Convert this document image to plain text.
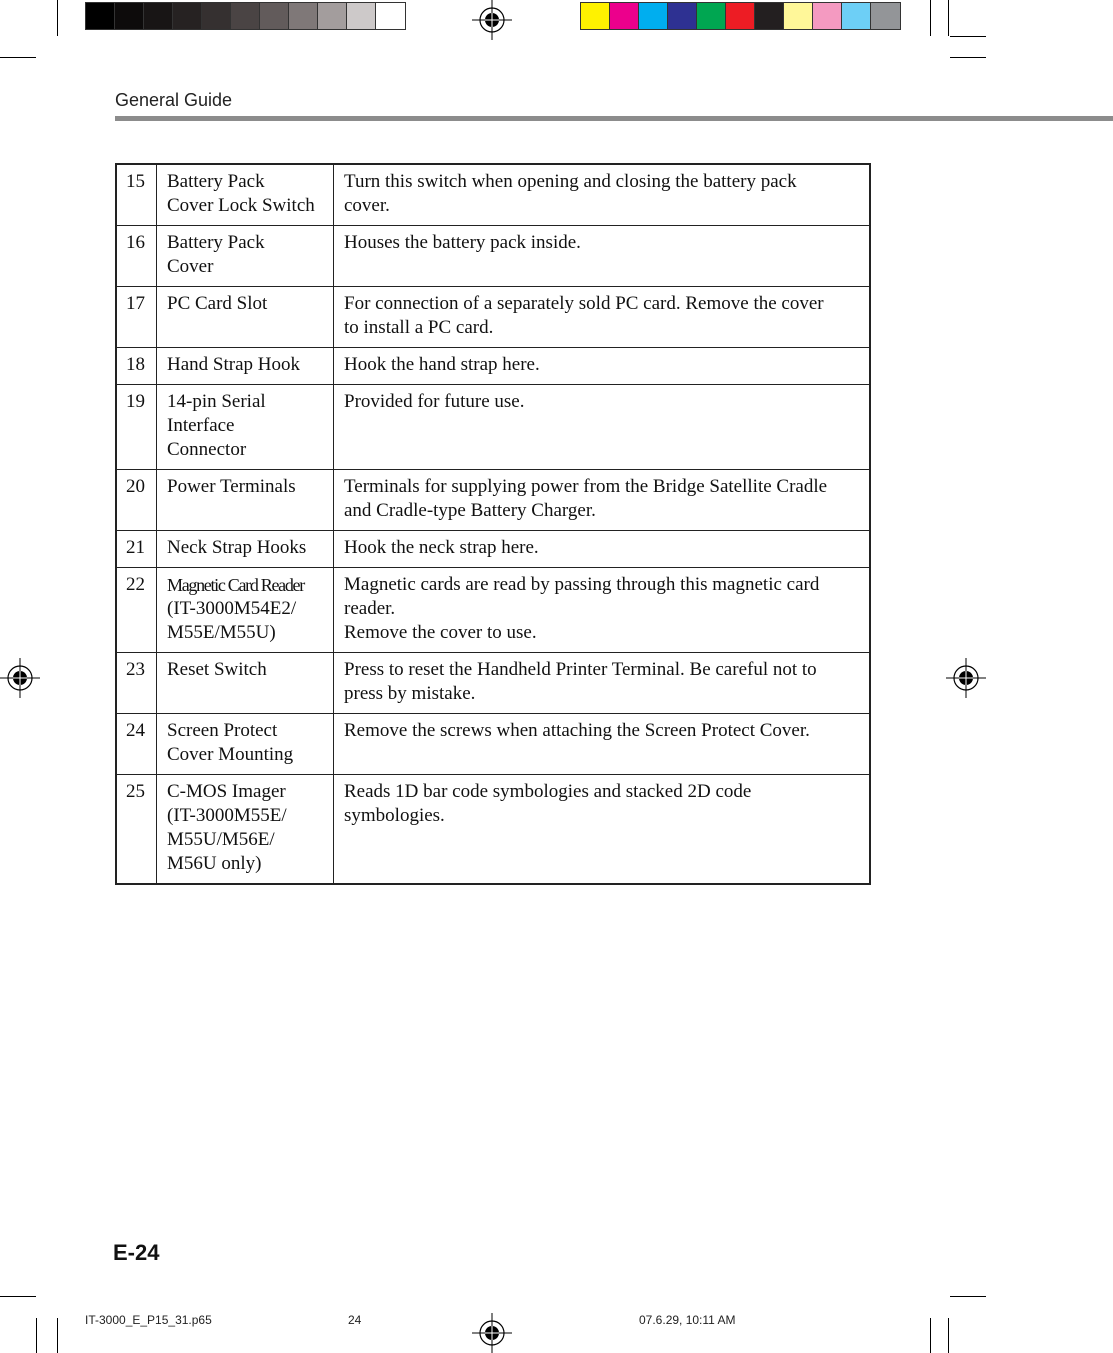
General Guide
15	Battery Pack
Cover Lock Switch	Turn this switch when opening and closing the battery pack
cover.

16	Battery Pack
Cover	Houses the battery pack inside.

17	PC Card Slot	For connection of a separately sold PC card. Remove the cover
to install a PC card.

18	Hand Strap Hook	Hook the hand strap here.

19	14-pin Serial
Interface
Connector	Provided for future use.

20	Power Terminals	Terminals for supplying power from the Bridge Satellite Cradle
and Cradle-type Battery Charger.

21	Neck Strap Hooks	Hook the neck strap here.

22	Magnetic Card Reader
(IT-3000M54E2/
M55E/M55U)	Magnetic cards are read by passing through this magnetic card
reader.
Remove the cover to use.

23	Reset Switch	Press to reset the Handheld Printer Terminal. Be careful not to
press by mistake.

24	Screen Protect
Cover Mounting	Remove the screws when attaching the Screen Protect Cover.

25	C-MOS Imager
(IT-3000M55E/
M55U/M56E/
M56U only)	Reads 1D bar code symbologies and stacked 2D code
symbologies.
E-24
IT-3000_E_P15_31.p65	24	07.6.29, 10:11 AM
